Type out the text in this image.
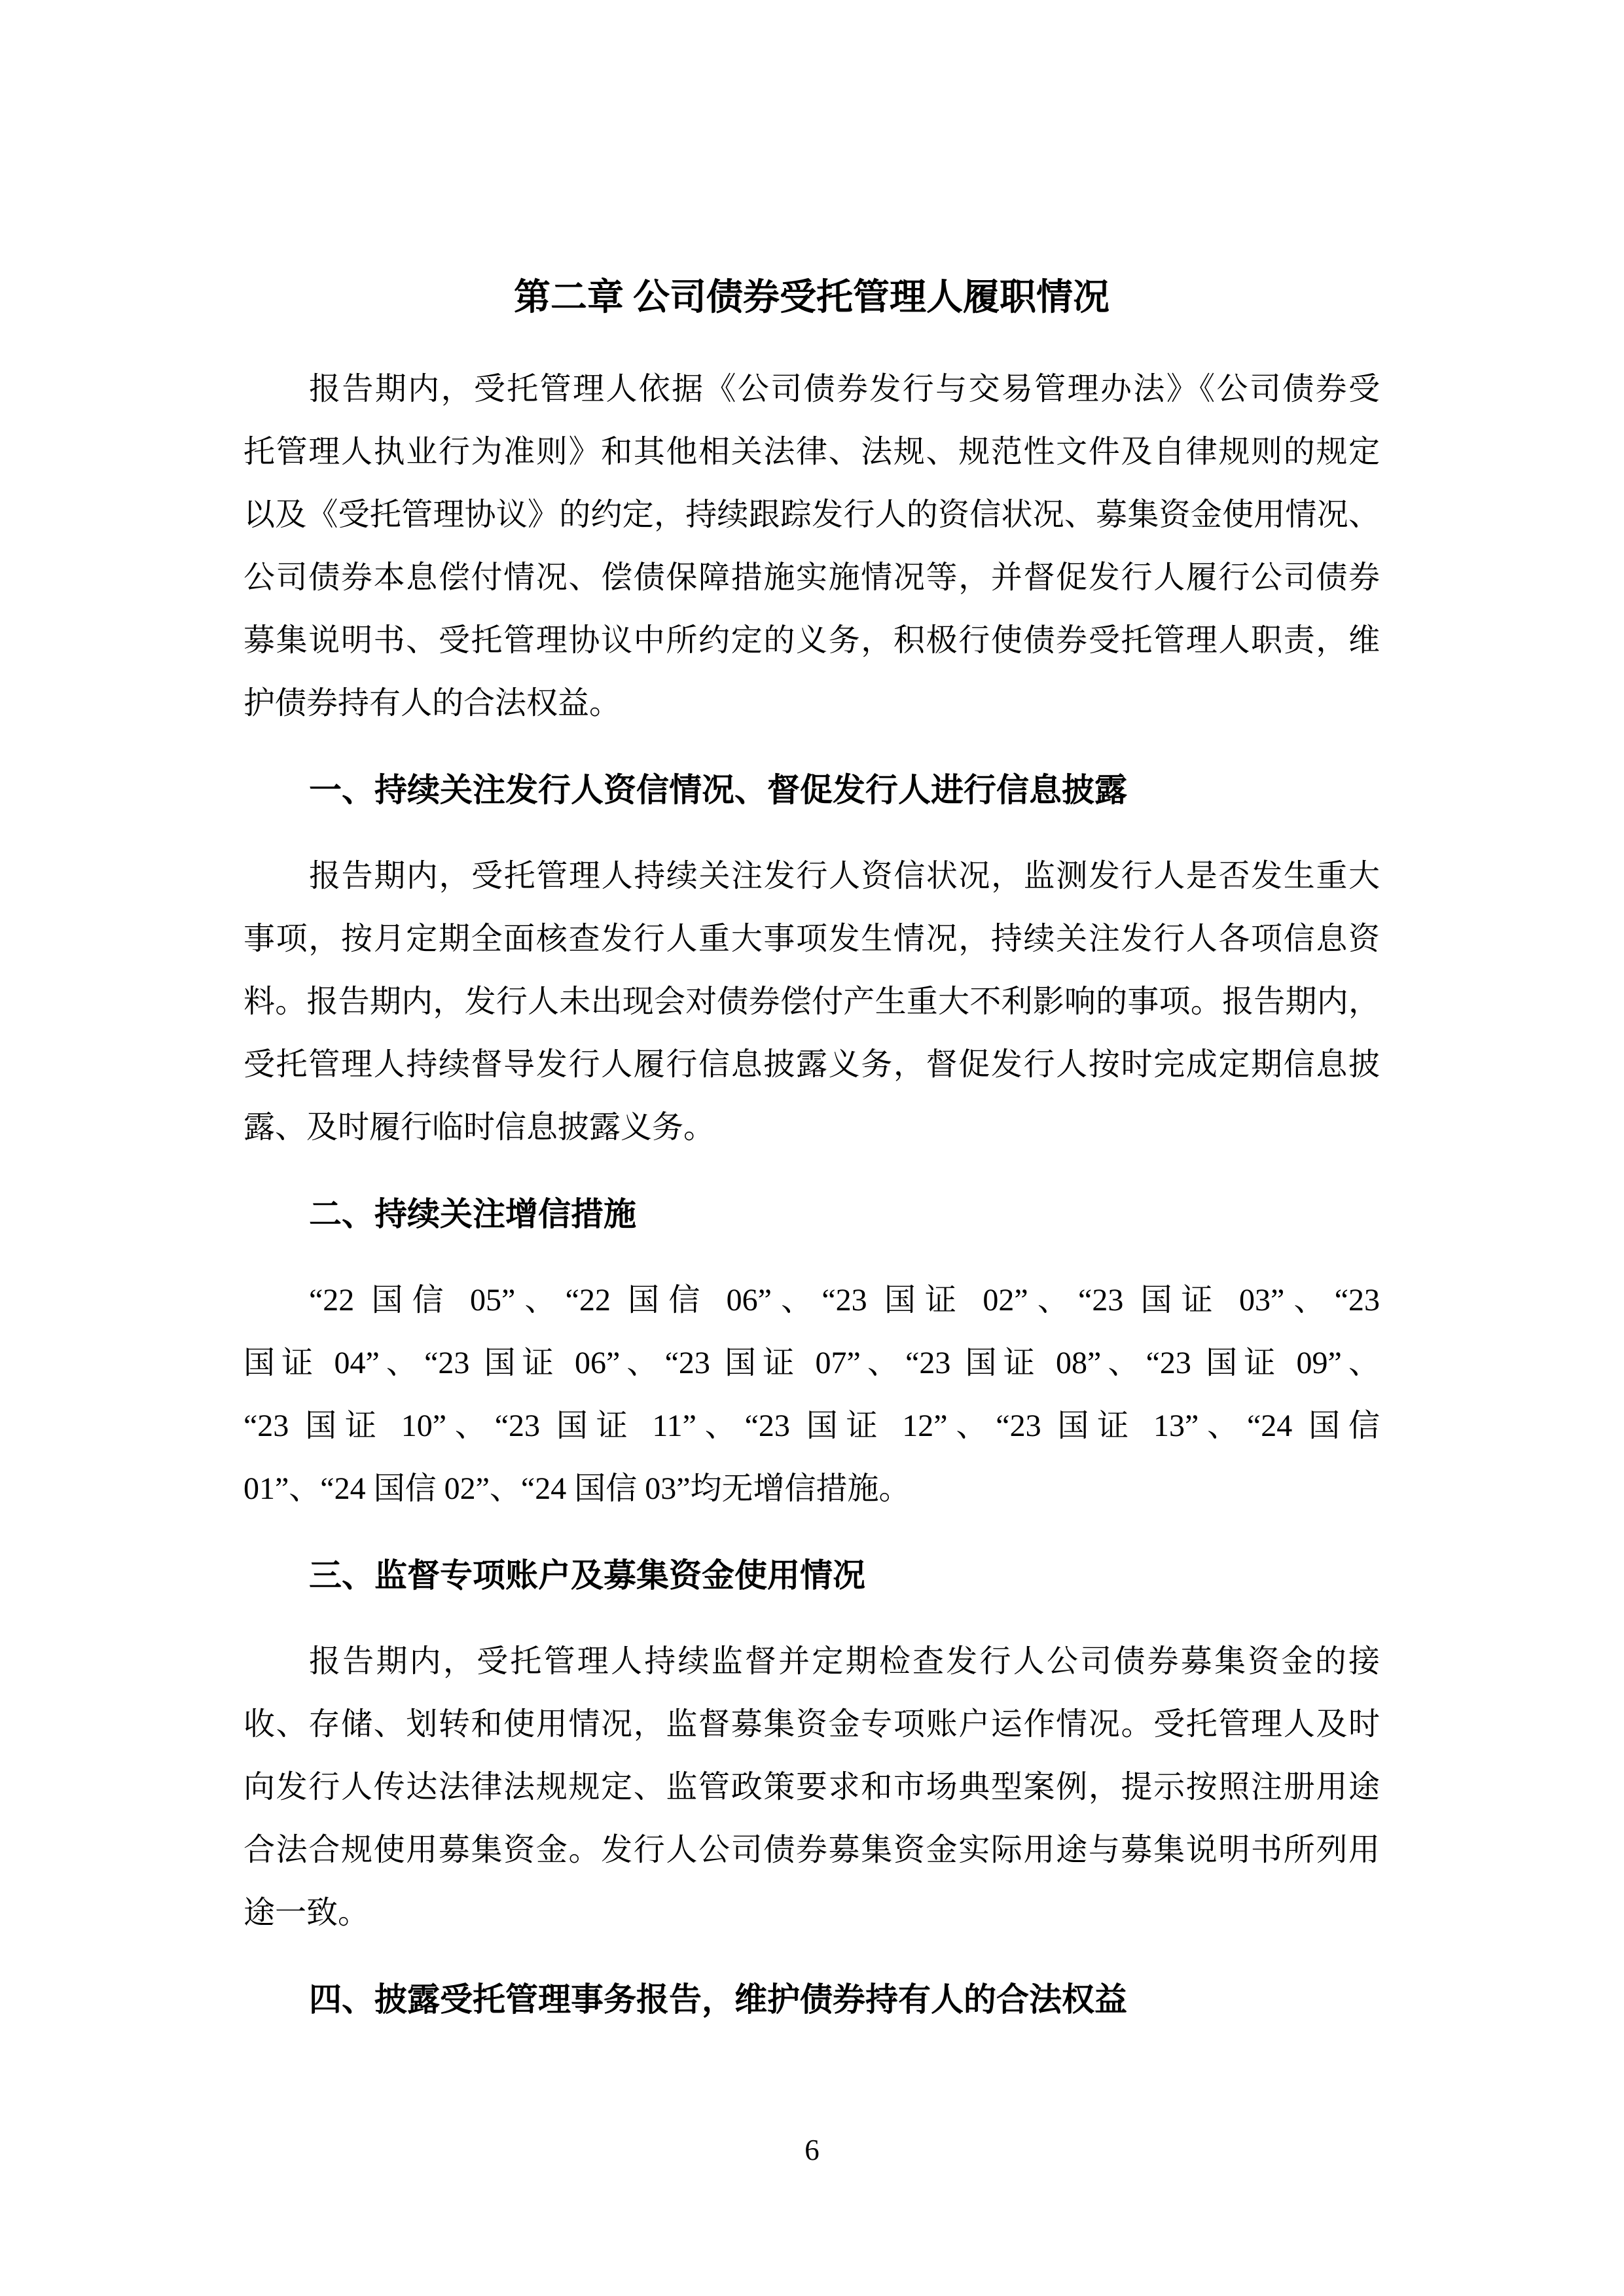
第二章 公司债券受托管理人履职情况
报告期内，受托管理人依据《公司债券发行与交易管理办法》《公司债券受
托管理人执业行为准则》和其他相关法律、法规、规范性文件及自律规则的规定
以及《受托管理协议》的约定，持续跟踪发行人的资信状况、募集资金使用情况、
公司债券本息偿付情况、偿债保障措施实施情况等，并督促发行人履行公司债券
募集说明书、受托管理协议中所约定的义务，积极行使债券受托管理人职责，维
护债券持有人的合法权益。
一、持续关注发行人资信情况、督促发行人进行信息披露
报告期内，受托管理人持续关注发行人资信状况，监测发行人是否发生重大
事项，按月定期全面核查发行人重大事项发生情况，持续关注发行人各项信息资
料。报告期内，发行人未出现会对债券偿付产生重大不利影响的事项。报告期内，
受托管理人持续督导发行人履行信息披露义务，督促发行人按时完成定期信息披
露、及时履行临时信息披露义务。
二、持续关注增信措施
“22 国信 05”、“22 国信 06”、“23 国证 02”、“23 国证 03”、“23
国证 04”、“23 国证 06”、“23 国证 07”、“23 国证 08”、“23 国证 09”、
“23 国证 10”、“23 国证 11”、“23 国证 12”、“23 国证 13”、“24 国信
01”、“24 国信 02”、“24 国信 03”均无增信措施。
三、监督专项账户及募集资金使用情况
报告期内，受托管理人持续监督并定期检查发行人公司债券募集资金的接
收、存储、划转和使用情况，监督募集资金专项账户运作情况。受托管理人及时
向发行人传达法律法规规定、监管政策要求和市场典型案例，提示按照注册用途
合法合规使用募集资金。发行人公司债券募集资金实际用途与募集说明书所列用
途一致。
四、披露受托管理事务报告，维护债券持有人的合法权益
6
